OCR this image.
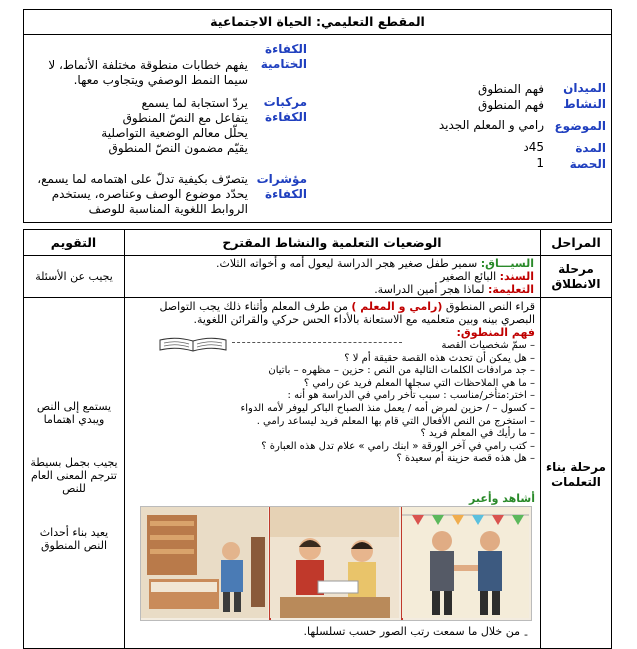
المقطع التعليمي: الحياة الاجتماعية
الكفاءة
الختامية
يفهم خطابات منطوقة مختلفة الأنماط، لا
سيما النمط الوصفي ويتجاوب معها.
مركبات
الكفاءة
يردّ استجابة لما يسمع
يتفاعل مع النصّ المنطوق
يحلّل معالم الوضعية التواصلية
يقيّم مضمون النصّ المنطوق
مؤشرات
الكفاءة
يتصرّف بكيفية تدلّ على اهتمامه لما يسمع،
يحدّد موضوع الوصف وعناصره، يستخدم
الروابط اللغوية المناسبة للوصف
الميدان
النشاط
الموضوع
المدة
الحصة
فهم المنطوق
فهم المنطوق
رامي و المعلم الجديد
45د
1
المراحل
الوضعيات التعلمية والنشاط المقترح
التقويم
مرحلة
الانطلاق
السيـــاق: سمير طفل صغير هجر الدراسة ليعول أمه و أخواته الثلاث.
السند: البائع الصغير
التعليمة: لماذا هجر أمين الدراسة.
يجيب عن الأسئلة
مرحلة بناء
التعلمات
قراء النص المنطوق (رامي و المعلم ) من طرف المعلم وأثناء ذلك يجب التواصل
البصري بينه وبين متعلميه مع الاستعانة بالأداء الحس حركي والقرائن اللغوية.
فهم المنطوق:
– سمّ شخصيات القصة
– هل يمكن أن تحدث هذه القصة حقيقة أم لا ؟
– جد مرادفات الكلمات التالية من النص : حزين – مظهره – باتيان
– ما هي الملاحظات التي سجلها المعلم فريد عن رامي ؟
– اختر:متأخر/مناسب : سبب تأخر رامي في الدراسة هو أنه :
– كسول – / حزين لمرض أمه / يعمل منذ الصباح الباكر ليوفر لأمه الدواء
– استخرج من النص الأفعال التي قام بها المعلم فريد ليساعد رامي .
– ما رأيك في المعلم فريد ؟
– كتب رامي في آخر الورقة « ابنك رامي » علام تدل هذه العبارة ؟
– هل هذه قصة حزينة أم سعيدة ؟
أشاهد وأعبر
من خلال ما سمعت رتب الصور حسب تسلسلها. -
يستمع إلى النص ويبدي اهتماما
يجيب بجمل بسيطة تترجم المعنى العام للنص
يعيد بناء أحداث النص المنطوق
